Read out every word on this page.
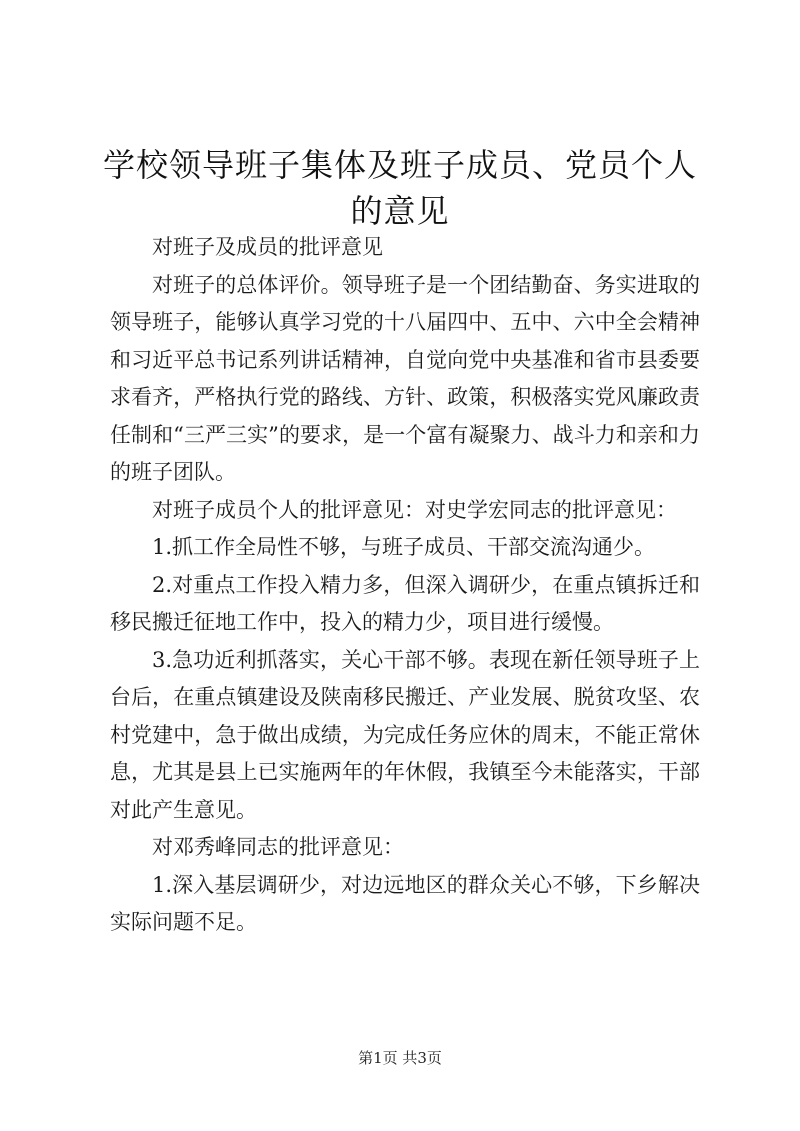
学校领导班子集体及班子成员、党员个人的意见

对班子及成员的批评意见

对班子的总体评价。领导班子是一个团结勤奋、务实进取的领导班子，能够认真学习党的十八届四中、五中、六中全会精神和习近平总书记系列讲话精神，自觉向党中央基准和省市县委要求看齐，严格执行党的路线、方针、政策，积极落实党风廉政责任制和“三严三实”的要求，是一个富有凝聚力、战斗力和亲和力的班子团队。

对班子成员个人的批评意见：对史学宏同志的批评意见：

1.抓工作全局性不够，与班子成员、干部交流沟通少。

2.对重点工作投入精力多，但深入调研少，在重点镇拆迁和移民搬迁征地工作中，投入的精力少，项目进行缓慢。

3.急功近利抓落实，关心干部不够。表现在新任领导班子上台后，在重点镇建设及陕南移民搬迁、产业发展、脱贫攻坚、农村党建中，急于做出成绩，为完成任务应休的周末，不能正常休息，尤其是县上已实施两年的年休假，我镇至今未能落实，干部对此产生意见。

对邓秀峰同志的批评意见：

1.深入基层调研少，对边远地区的群众关心不够，下乡解决实际问题不足。

第1页 共3页
